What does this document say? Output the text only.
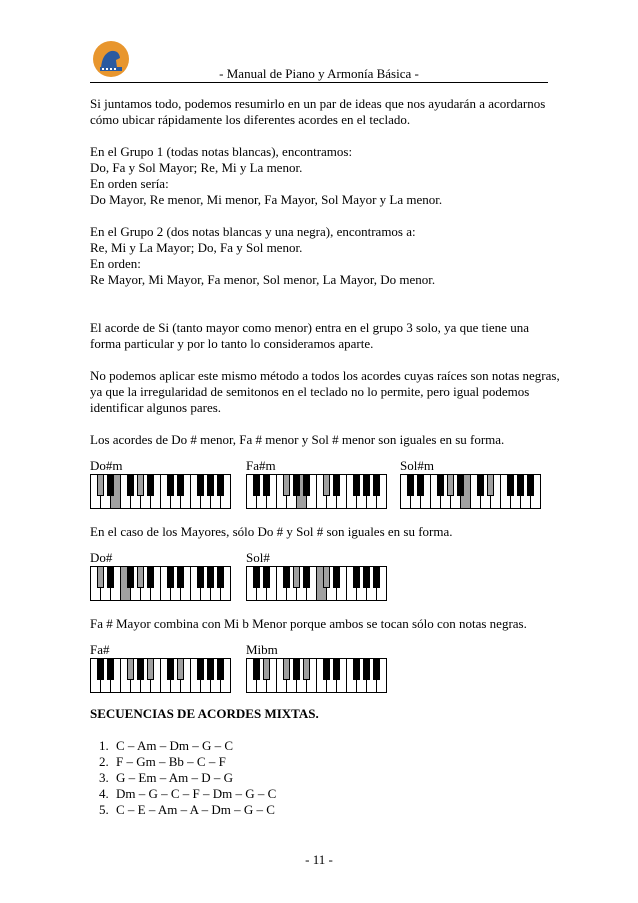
- Manual de Piano y Armonía Básica -

Si juntamos todo, podemos resumirlo en un par de ideas que nos ayudarán a acordarnos cómo ubicar rápidamente los diferentes acordes en el teclado.

En el Grupo 1 (todas notas blancas), encontramos:
Do, Fa y Sol Mayor; Re, Mi y La menor.
En orden sería:
Do Mayor, Re menor, Mi menor, Fa Mayor, Sol Mayor y La menor.

En el Grupo 2 (dos notas blancas y una negra), encontramos a:
Re, Mi y La Mayor; Do, Fa y Sol menor.
En orden:
Re Mayor, Mi Mayor, Fa menor, Sol menor, La Mayor, Do menor.

El acorde de Si (tanto mayor como menor) entra en el grupo 3 solo, ya que tiene una forma particular y por lo tanto lo consideramos aparte.

No podemos aplicar este mismo método a todos los acordes cuyas raíces son notas negras, ya que la irregularidad de semitonos en el teclado no lo permite, pero igual podemos identificar algunos pares.

Los acordes de Do # menor, Fa # menor y Sol # menor son iguales en su forma.

Do#m	Fa#m	Sol#m

En el caso de los Mayores, sólo Do # y Sol # son iguales en su forma.

Do#	Sol#

Fa # Mayor combina con Mi b Menor porque ambos se tocan sólo con notas negras.

Fa#	Mibm

SECUENCIAS DE ACORDES MIXTAS.

1. C – Am – Dm – G – C
2. F – Gm – Bb – C – F
3. G – Em – Am – D – G
4. Dm – G – C – F – Dm – G – C
5. C – E – Am – A – Dm – G – C
- 11 -
